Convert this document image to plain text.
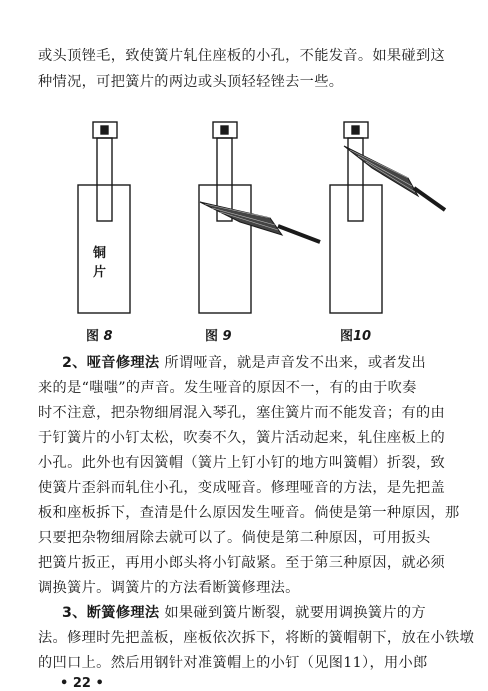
或头顶锉毛，致使簧片轧住座板的小孔，不能发音。如果碰到这
种情况，可把簧片的两边或头顶轻轻锉去一些。
铜
片
图 8	图 9	图10
2、哑音修理法 所谓哑音，就是声音发不出来，或者发出
来的是“嗤嗤”的声音。发生哑音的原因不一，有的由于吹奏
时不注意，把杂物细屑混入琴孔，塞住簧片而不能发音；有的由
于钉簧片的小钉太松，吹奏不久，簧片活动起来，轧住座板上的
小孔。此外也有因簧帽（簧片上钉小钉的地方叫簧帽）折裂，致
使簧片歪斜而轧住小孔，变成哑音。修理哑音的方法，是先把盖
板和座板拆下，查清是什么原因发生哑音。倘使是第一种原因，那
只要把杂物细屑除去就可以了。倘使是第二种原因，可用扳头
把簧片扳正，再用小郎头将小钉敲紧。至于第三种原因，就必须
调换簧片。调簧片的方法看断簧修理法。
3、断簧修理法 如果碰到簧片断裂，就要用调换簧片的方
法。修理时先把盖板，座板依次拆下，将断的簧帽朝下，放在小铁墩
的凹口上。然后用钢针对准簧帽上的小钉（见图11），用小郎
• 22 •
